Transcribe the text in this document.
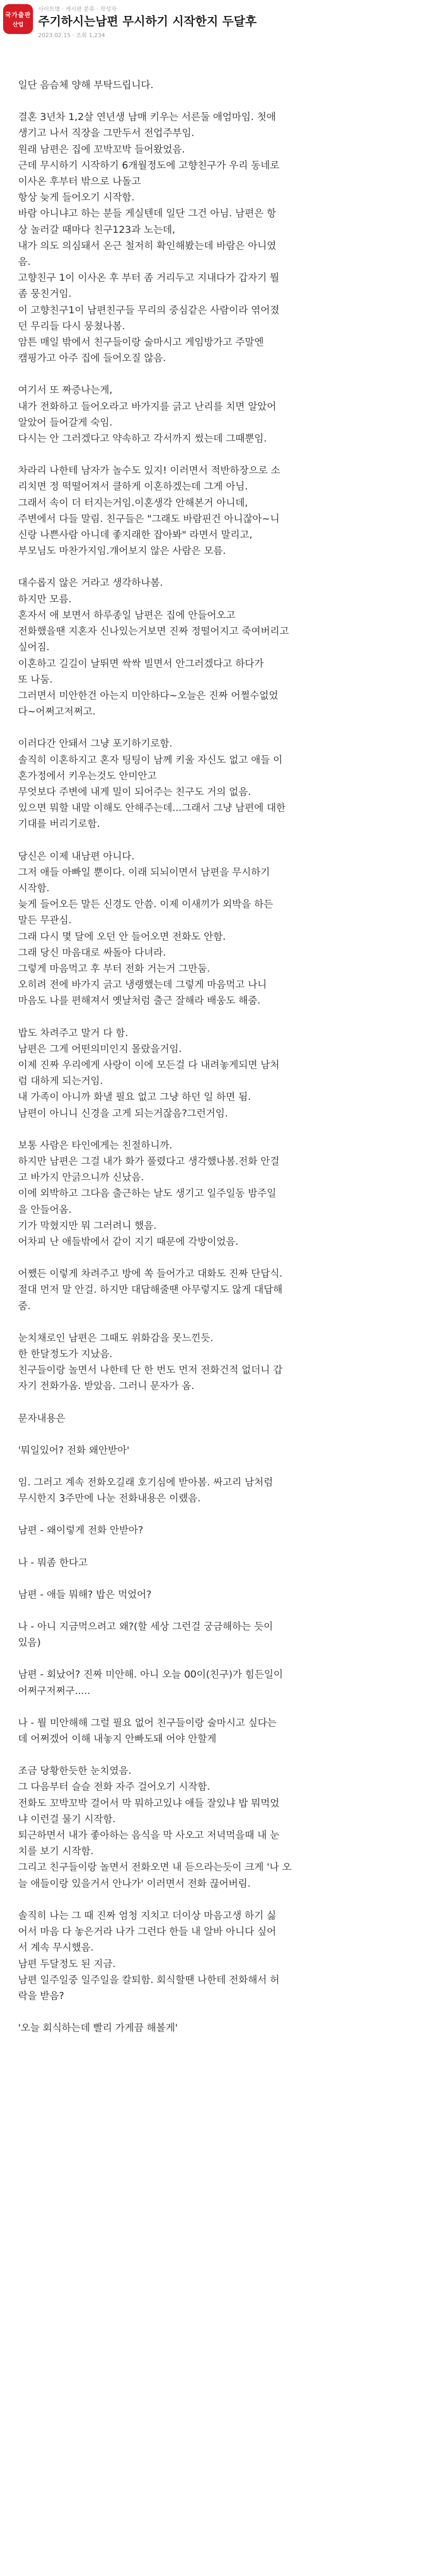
국가출판
산업
사이트명 · 게시판 분류 · 작성자
주기하시는남편 무시하기 시작한지 두달후
2023.02.15 · 조회 1,234

일단 음슴체 양해 부탁드립니다.

결혼 3년차 1,2살 연년생 남매 키우는 서른둘 애엄마임. 첫애
생기고 나서 직장을 그만두서 전업주부임.
원래 남편은 집에 꼬박꼬박 들어왔었음.
근데 무시하기 시작하기 6개월정도에 고향친구가 우리 동네로
이사온 후부터 밖으로 나돌고
항상 늦게 들어오기 시작함.
바람 아니냐고 하는 분들 게실텐데 일단 그건 아님. 남편은 항
상 놀러갈 때마다 친구123과 노는데,
내가 의도 의심돼서 온근 철저히 확인해봤는데 바람은 아니였
음.
고향친구 1이 이사온 후 부터 좀 거리두고 지내다가 갑자기 뭘
좀 뭉친거임.
이 고향친구1이 남편친구들 무리의 중심같은 사람이라 엮어졌
던 무리들 다시 뭉쳤나봄.
암튼 매일 밖에서 친구들이랑 술마시고 게임방가고 주말엔
캠핑가고 아주 집에 들어오질 않음.

여기서 또 짜증나는게,
내가 전화하고 들어오라고 바가지를 긁고 난리를 치면 알았어
알았어 들어갈게 숙임.
다시는 안 그러겠다고 약속하고 각서까지 썼는데 그때뿐임.

차라리 나한테 남자가 놀수도 있지! 이러면서 적반하장으로 소
리치면 정 떡떨어져서 클하게 이혼하겠는데 그게 아님.
그래서 속이 더 터지는거임.이혼생각 안해본거 아니데,
주변에서 다들 말림. 친구들은 "그래도 바람핀건 아니잖아~니
신랑 나쁜사람 아니데 좋지래한 잡아봐" 라면서 말리고,
부모님도 마찬가지임.걔어보지 않은 사람은 모름.

대수롭지 않은 거라고 생각하나봄.
하지만 모름.
혼자서 애 보면서 하루종일 남편은 집에 안들어오고
전화했을땐 지혼자 신나있는거보면 진짜 정떨어지고 죽여버리고
싶어짐.
이혼하고 길길이 날뛰면 싹싹 빌면서 안그러겠다고 하다가
또 나둠.
그러면서 미안한건 아는지 미안하다~오늘은 진짜 어쩔수없었
다~어쩌고저쩌고.

이러다간 안돼서 그냥 포기하기로함.
솔직히 이혼하지고 혼자 팅팅이 남께 키울 자신도 없고 애들 이
혼가정에서 키우는것도 안미안고
무엇보다 주변에 내게 밀이 되어주는 친구도 거의 없음.
있으면 뭐할 내말 이해도 안해주는데...그래서 그냥 남편에 대한
기대를 버리기로함.

당신은 이제 내남편 아니다.
그저 애들 아빠일 뿐이다. 이래 되뇌이면서 남편을 무시하기
시작함.
늦게 들어오든 말든 신경도 안씀. 이제 이새끼가 외박을 하든
말든 무관심.
그래 다시 몇 달에 오던 안 들어오면 전화도 안함.
그래 당신 마음대로 싸돌아 다녀라.
그렇게 마음먹고 후 부터 전화 거는거 그만둠.
오히려 전에 바가지 긁고 냉랭했는데 그렇게 마음먹고 나니
마음도 나를 편해져서 옛날처럼 출근 잘해라 배웅도 해줌.

밥도 차려주고 말거 다 함.
남편은 그게 어떤의미인지 몰랐을거임.
이제 진짜 우리에게 사랑이 이에 모든걸 다 내려놓게되면 남처
럼 대하게 되는거임.
내 가족이 아니까 화낼 필요 없고 그냥 하던 일 하면 됨.
남편이 아니니 신경을 고게 되는거잖음?그런거임.

보통 사람은 타인에게는 친절하니까.
하지만 남편은 그걸 내가 화가 풀렸다고 생각했나봄.전화 안걸
고 바가지 안긁으니까 신났음.
이에 외박하고 그다음 출근하는 날도 생기고 일주일동 밤주일
을 안들어옴.
기가 막혔지만 뭐 그러려니 했음.
어차피 난 애들밖에서 같이 지기 때문에 각방이었음.

어쨌든 이렇게 차려주고 방에 쏙 들어가고 대화도 진짜 단답식.
절대 먼저 말 안걸. 하지만 대답해줄땐 아무렇지도 않게 대답해
줌.

눈치채로인 남편은 그때도 위화감을 못느낀듯.
한 한달정도가 지났음.
친구들이랑 놀면서 나한테 단 한 번도 먼저 전화건적 없더니 갑
자기 전화가옴. 받았음. 그러니 문자가 옴.

문자내용은

'뭐일있어? 전화 왜안받아'

임. 그러고 계속 전화오길래 호기심에 받아봄. 싸고리 남처럼
무시한지 3주만에 나눈 전화내용은 이랬음.

남편 - 왜이렇게 전화 안받아?

나 - 뭐좀 한다고

남편 - 애들 뭐해? 밥은 먹었어?

나 - 아니 지금먹으려고 왜?(할 세상 그런걸 궁금해하는 듯이
있음)

남편 - 회났어? 진짜 미안해. 아니 오늘 00이(친구)가 힘든일이
어쩌구저쩌구.....

나 - 뭘 미안해해 그럴 필요 없어 친구들이랑 술마시고 싶다는
데 어쩌겠어 이해 내놓지 안빠도돼 어야 안할게

조금 당황한듯한 눈치였음.
그 다음부터 슬슬 전화 자주 걸어오기 시작함.
전화도 꼬박꼬박 걸어서 막 뭐하고있냐 애들 잘있냐 밥 뭐먹었
냐 이런걸 물기 시작함.
퇴근하면서 내가 좋아하는 음식을 막 사오고 저녁먹을때 내 눈
치를 보기 시작함.
그리고 친구들이랑 놀면서 전화오면 내 듣으라는듯이 크게 '나 오
늘 애들이랑 있을거서 안나가' 이러면서 전화 끊어버림.

솔직히 나는 그 때 진짜 엄청 지치고 더이상 마음고생 하기 싫
어서 마음 다 놓은거라 나가 그런다 한들 내 알바 아니다 싶어
서 계속 무시했음.
남편 두달정도 된 지금.
남편 일주일중 일주일을 칼퇴함. 회식할땐 나한테 전화해서 허
락을 받음?

'오늘 회식하는데 빨리 가게끔 해볼게'
